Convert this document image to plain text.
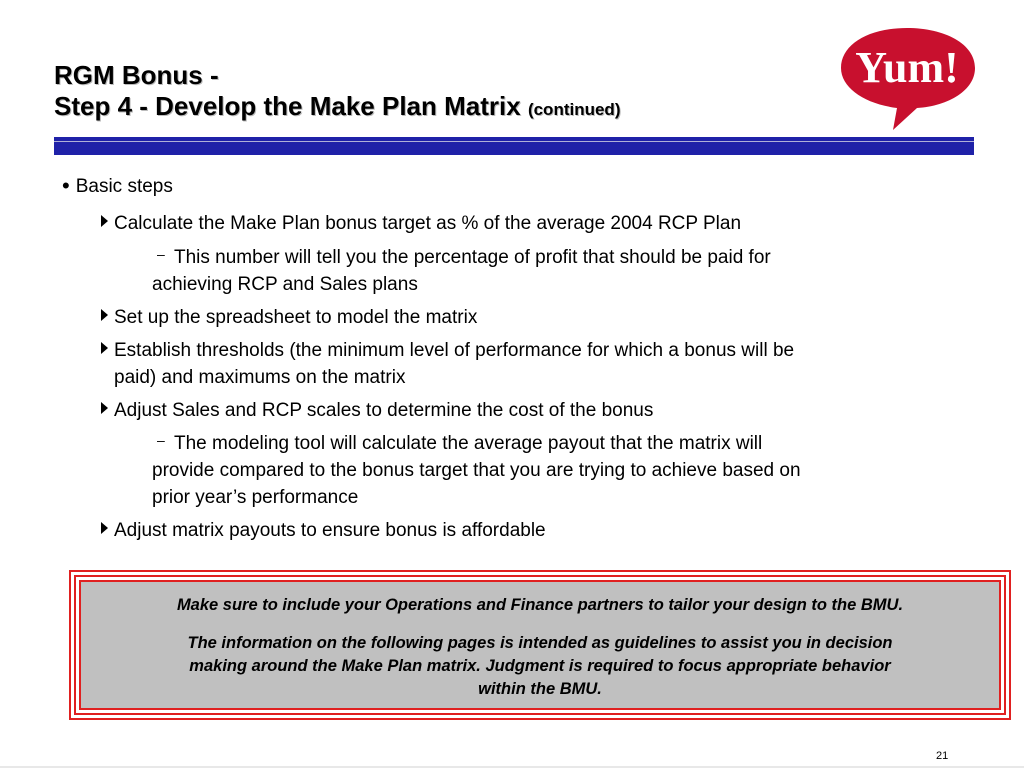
RGM Bonus -
Step 4 - Develop the Make Plan Matrix (continued)
Yum!
• Basic steps
Calculate the Make Plan bonus target as % of the average 2004 RCP Plan
– This number will tell you the percentage of profit that should be paid for
achieving RCP and Sales plans
Set up the spreadsheet to model the matrix
Establish thresholds (the minimum level of performance for which a bonus will be
paid) and maximums on the matrix
Adjust Sales and RCP scales to determine the cost of the bonus
– The modeling tool will calculate the average payout that the matrix will
provide compared to the bonus target that you are trying to achieve based on
prior year’s performance
Adjust matrix payouts to ensure bonus is affordable
Make sure to include your Operations and Finance partners to tailor your design to the BMU.
The information on the following pages is intended as guidelines to assist you in decision
making around the Make Plan matrix. Judgment is required to focus appropriate behavior
within the BMU.
21
